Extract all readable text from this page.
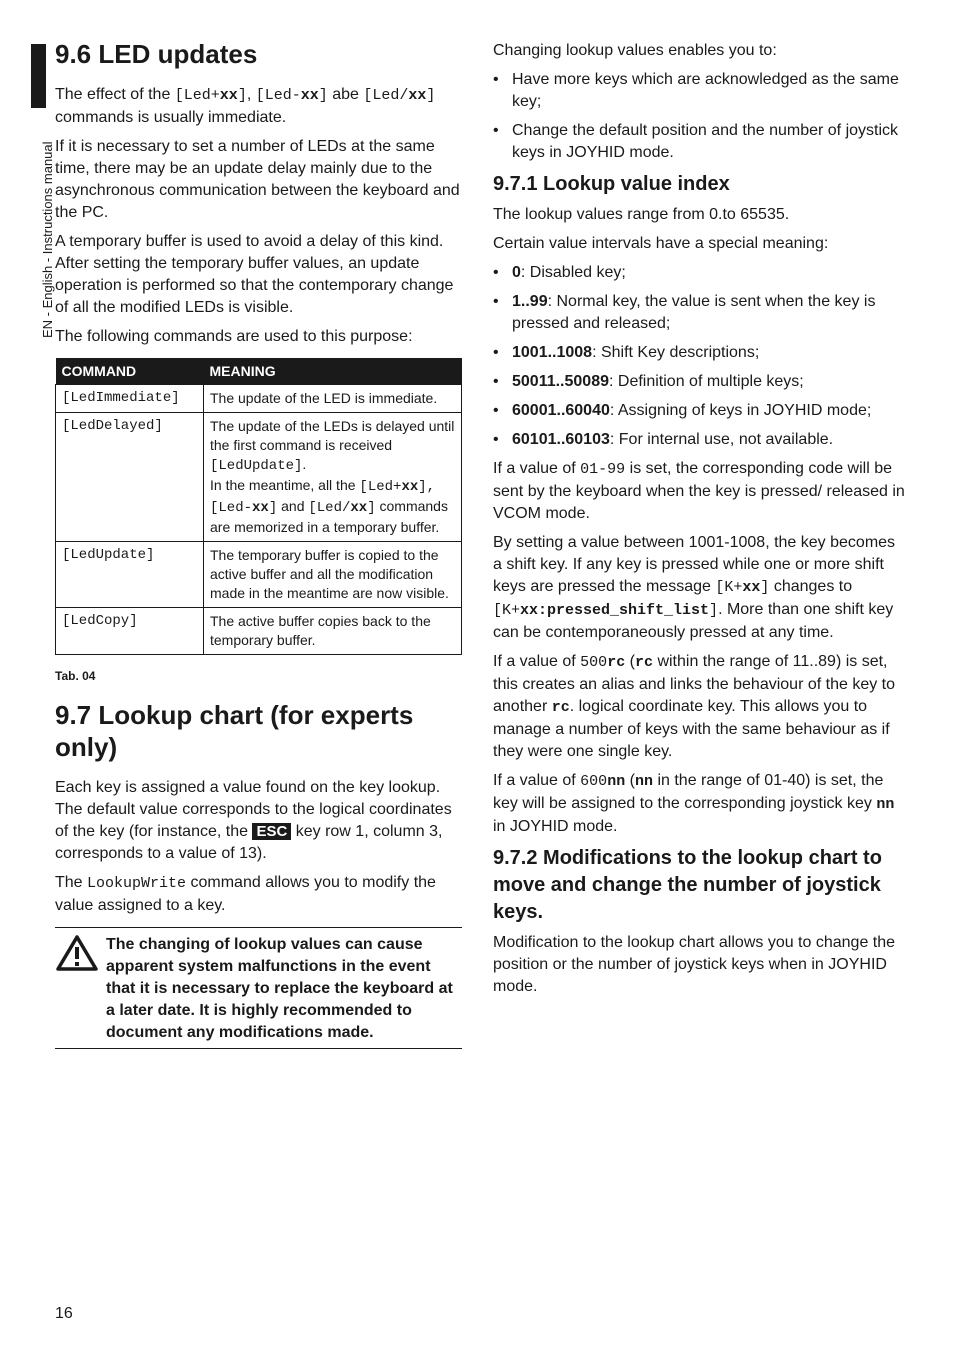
EN - English - Instructions manual
9.6 LED updates

The effect of the [Led+xx], [Led-xx] abe [Led/xx] commands is usually immediate.

If it is necessary to set a number of LEDs at the same time, there may be an update delay mainly due to the asynchronous communication between the keyboard and the PC.

A temporary buffer is used to avoid a delay of this kind. After setting the temporary buffer values, an update operation is performed so that the contemporary change of all the modified LEDs is visible.

The following commands are used to this purpose:

COMMAND	MEANING
[LedImmediate]	The update of the LED is immediate.
[LedDelayed]	The update of the LEDs is delayed until the first command is received [LedUpdate].
In the meantime, all the [Led+xx], [Led-xx] and [Led/xx] commands are memorized in a temporary buffer.
[LedUpdate]	The temporary buffer is copied to the active buffer and all the modification made in the meantime are now visible.
[LedCopy]	The active buffer copies back to the temporary buffer.
Tab. 04
9.7 Lookup chart (for experts only)

Each key is assigned a value found on the key lookup. The default value corresponds to the logical coordinates of the key (for instance, the ESC key row 1, column 3, corresponds to a value of 13).

The LookupWrite command allows you to modify the value assigned to a key.

The changing of lookup values can cause apparent system malfunctions in the event that it is necessary to replace the keyboard at a later date. It is highly recommended to document any modifications made.

Changing lookup values enables you to:

• Have more keys which are acknowledged as the same key;
• Change the default position and the number of joystick keys in JOYHID mode.
9.7.1 Lookup value index

The lookup values range from 0.to 65535.

Certain value intervals have a special meaning:

• 0: Disabled key;
• 1..99: Normal key, the value is sent when the key is pressed and released;
• 1001..1008: Shift Key descriptions;
• 50011..50089: Definition of multiple keys;
• 60001..60040: Assigning of keys in JOYHID mode;
• 60101..60103: For internal use, not available.

If a value of 01-99 is set, the corresponding code will be sent by the keyboard when the key is pressed/ released in VCOM mode.

By setting a value between 1001-1008, the key becomes a shift key. If any key is pressed while one or more shift keys are pressed the message [K+xx] changes to [K+xx:pressed_shift_list]. More than one shift key can be contemporaneously pressed at any time.

If a value of 500rc (rc within the range of 11..89) is set, this creates an alias and links the behaviour of the key to another rc. logical coordinate key. This allows you to manage a number of keys with the same behaviour as if they were one single key.

If a value of 600nn (nn in the range of 01-40) is set, the key will be assigned to the corresponding joystick key nn in JOYHID mode.

9.7.2 Modifications to the lookup chart to move and change the number of joystick keys.

Modification to the lookup chart allows you to change the position or the number of joystick keys when in JOYHID mode.

16
